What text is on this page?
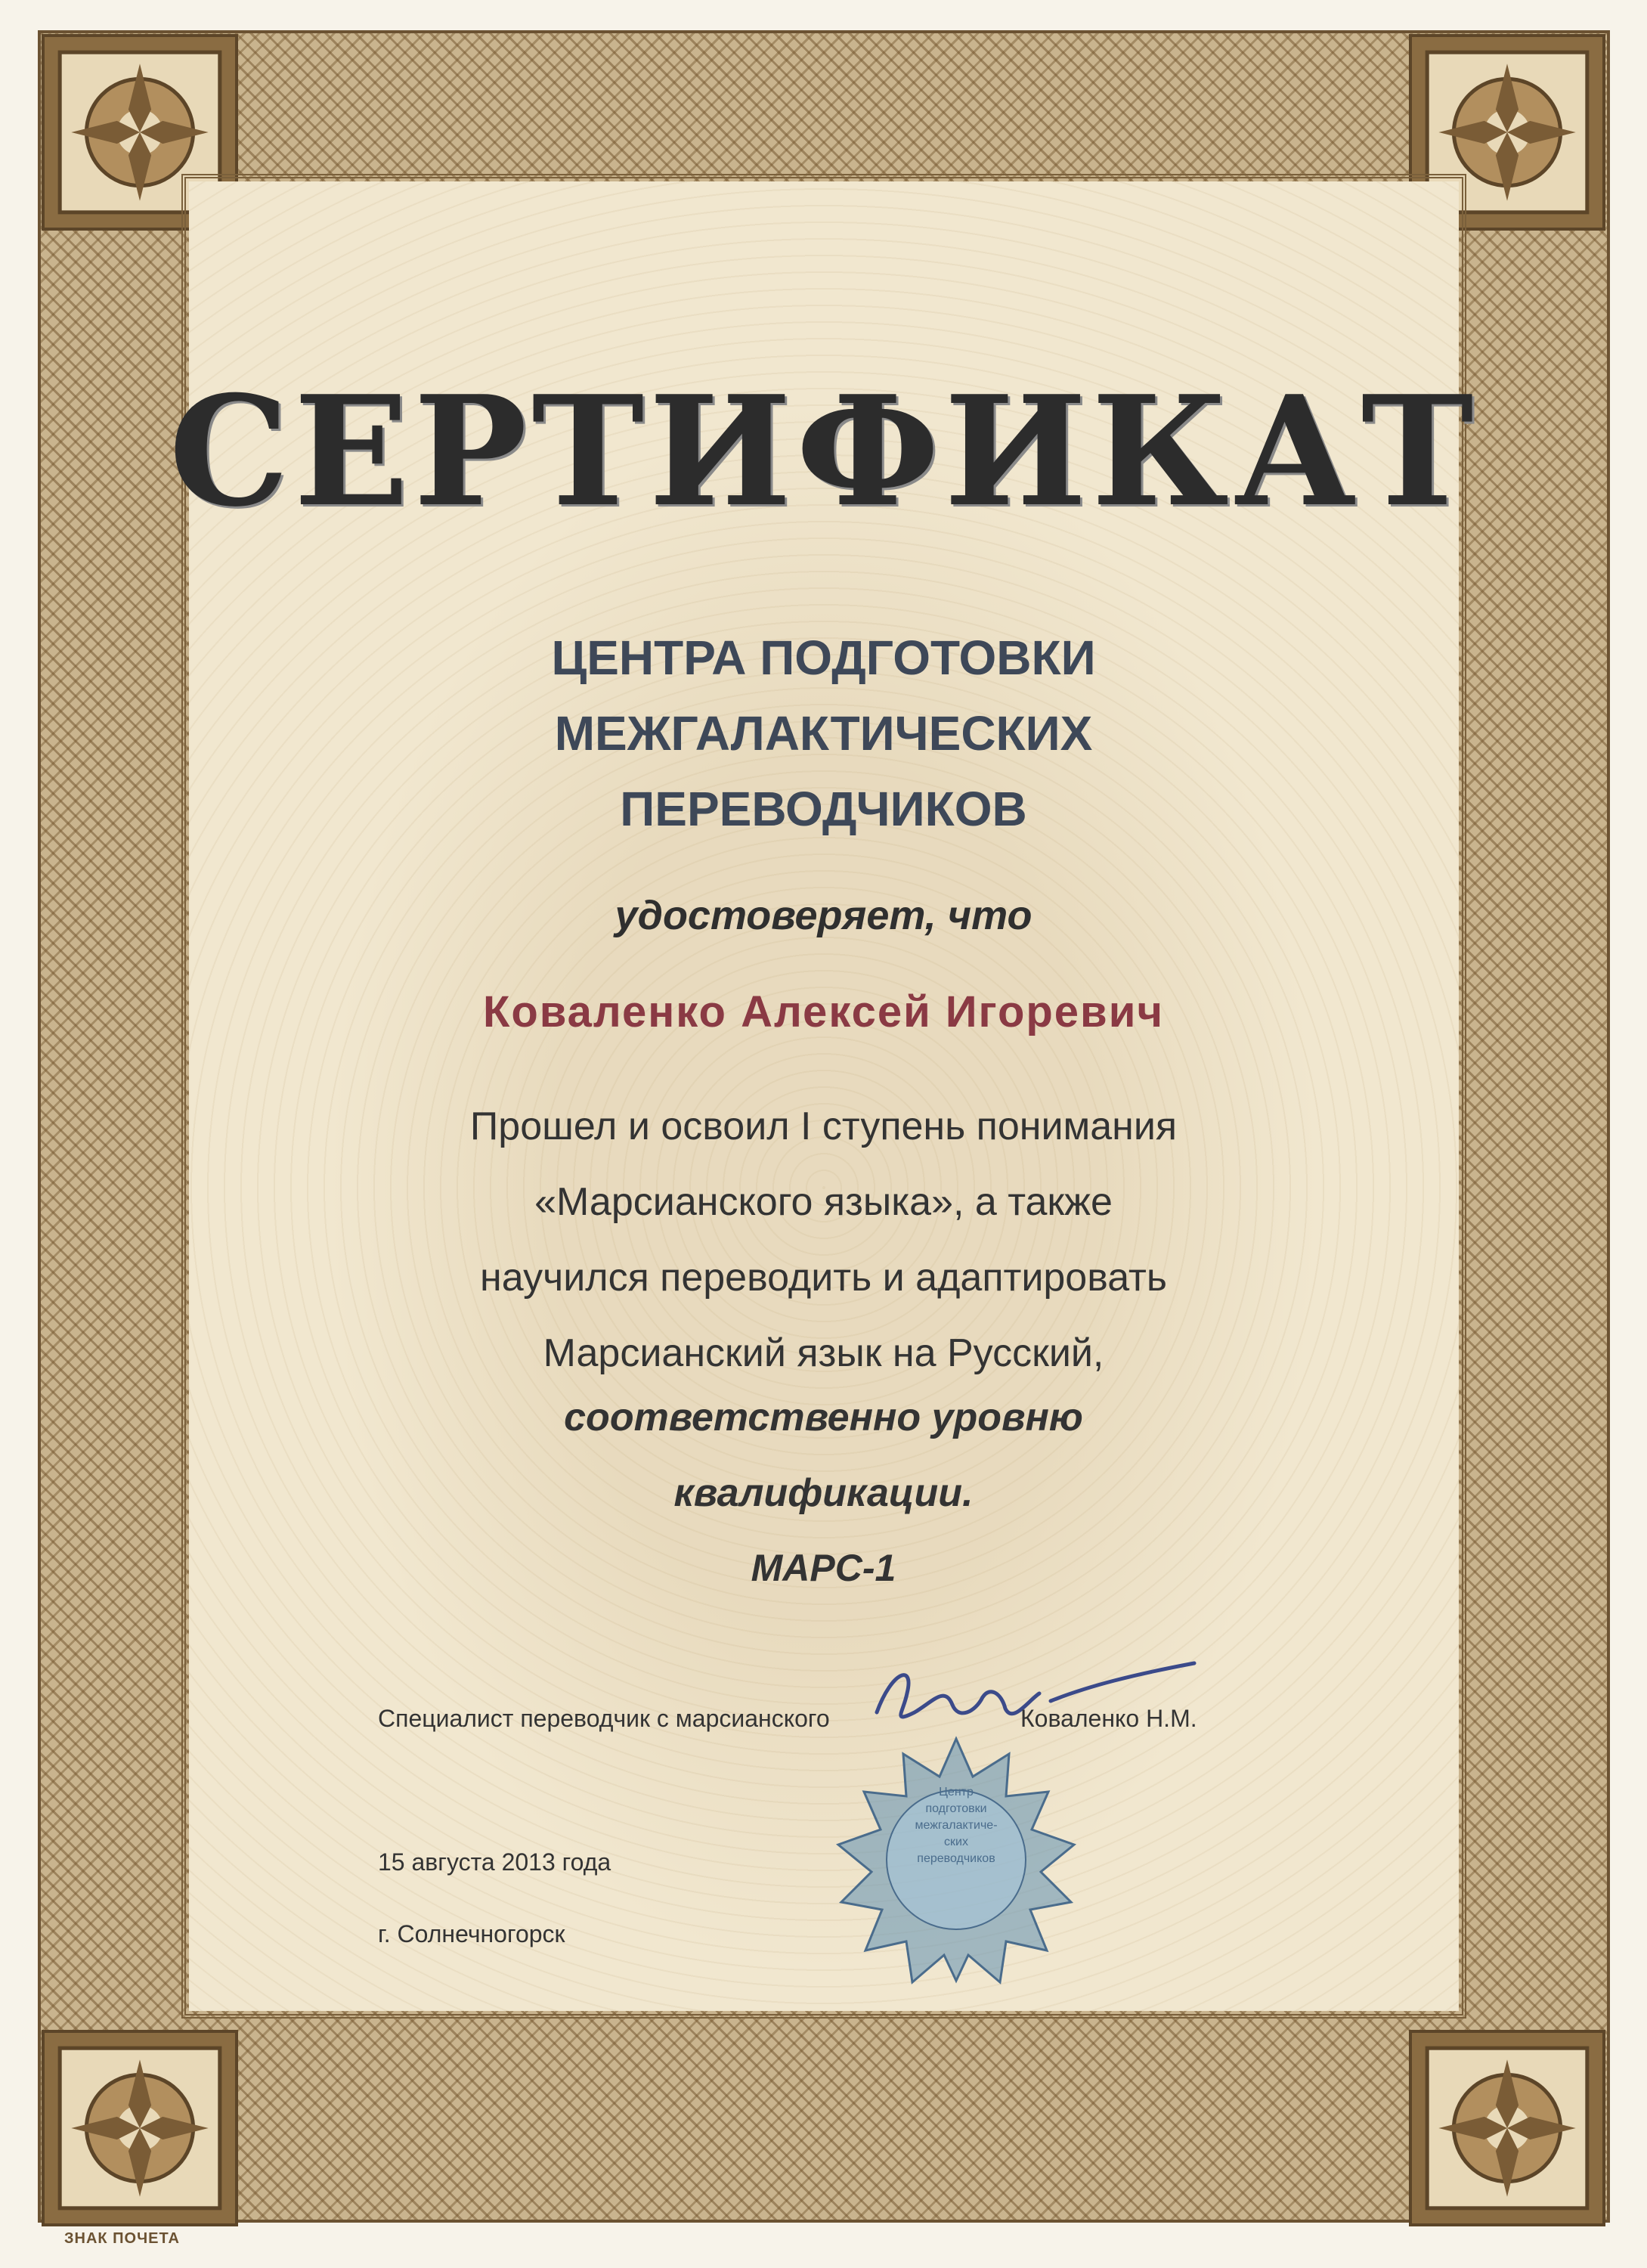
СЕРТИФИКАТ
ЦЕНТРА ПОДГОТОВКИ
МЕЖГАЛАКТИЧЕСКИХ
ПЕРЕВОДЧИКОВ
удостоверяет, что
Коваленко Алексей Игоревич
Прошел и освоил I ступень понимания
«Марсианского языка», а также
научился переводить и адаптировать
Марсианский язык на Русский,
соответственно уровню
квалификации.
МАРС-1
Специалист переводчик с марсианского	Коваленко Н.М.
Центр
подготовки
межгалактиче-
ских
переводчиков
15 августа 2013 года
г. Солнечногорск
ЗНАК ПОЧЕТА
